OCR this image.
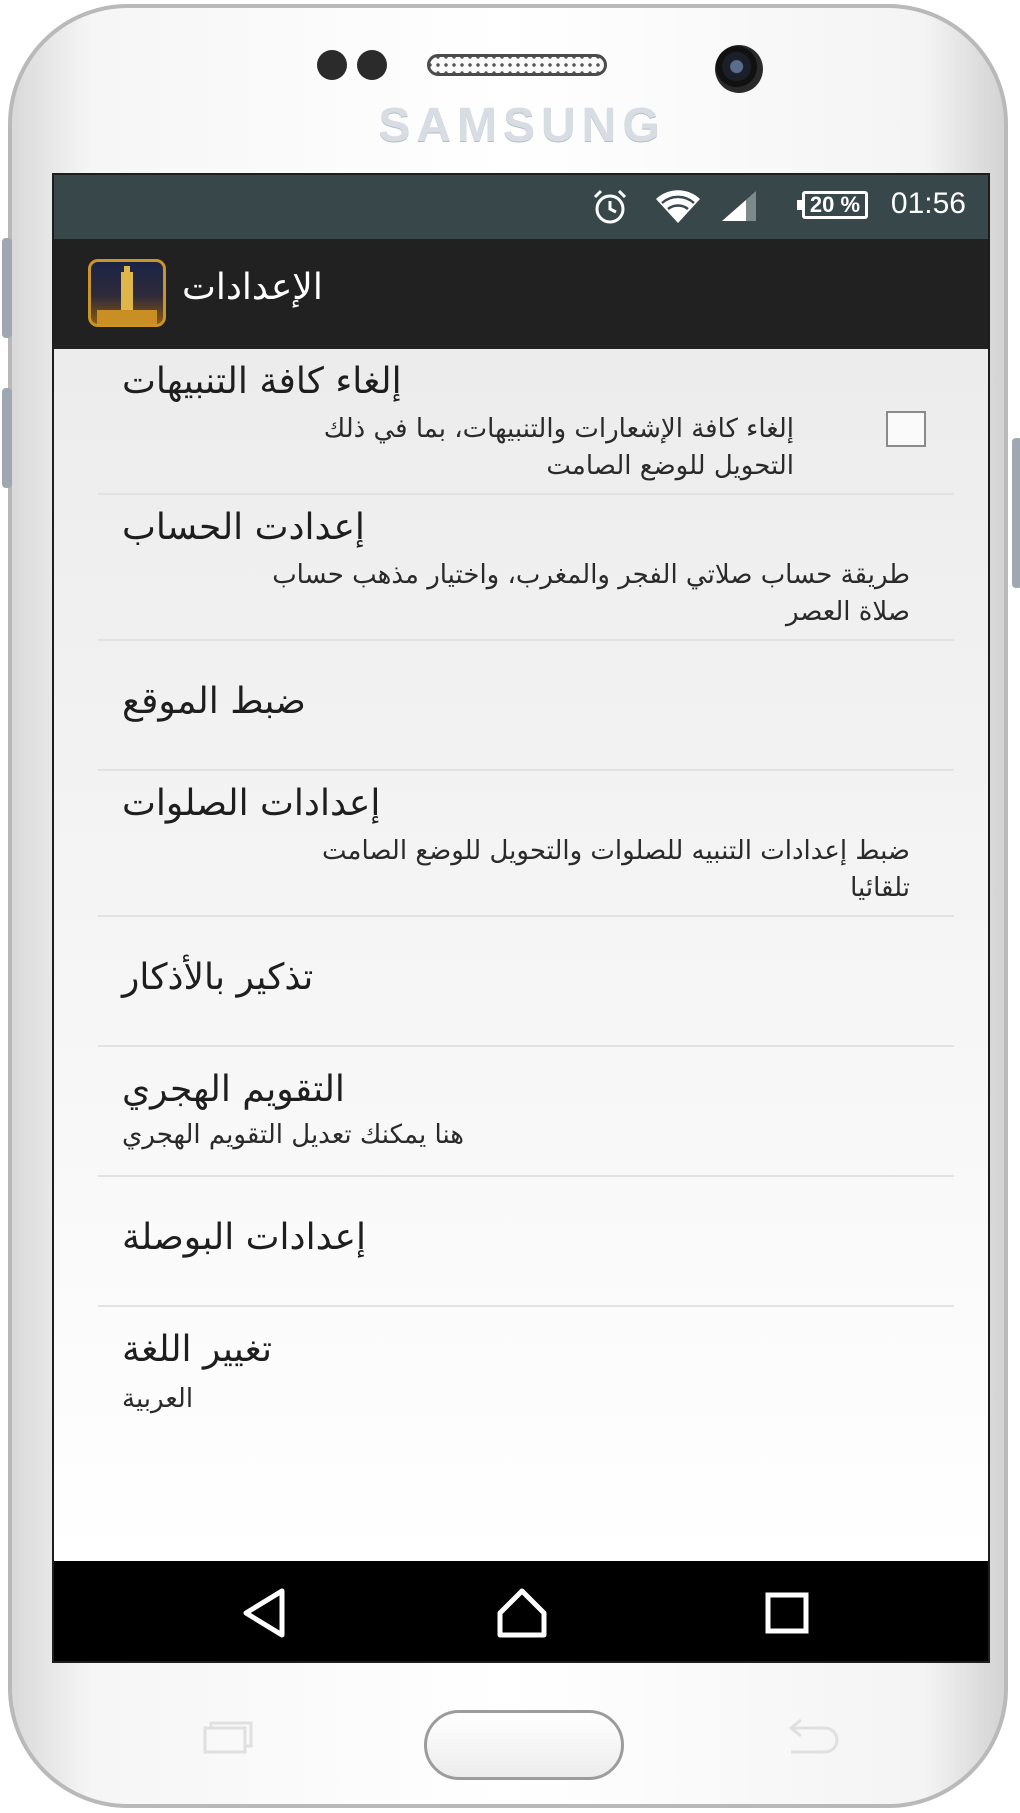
SAMSUNG
20 % 01:56
الإعدادات
إلغاء كافة التنبيهات
إلغاء كافة الإشعارات والتنبيهات، بما في ذلك
التحويل للوضع الصامت
إعدادت الحساب
طريقة حساب صلاتي الفجر والمغرب، واختيار مذهب حساب
صلاة العصر
ضبط الموقع
إعدادات الصلوات
ضبط إعدادات التنبيه للصلوات والتحويل للوضع الصامت
تلقائيا
تذكير بالأذكار
التقويم الهجري
هنا يمكنك تعديل التقويم الهجري
إعدادات البوصلة
تغيير اللغة
العربية
